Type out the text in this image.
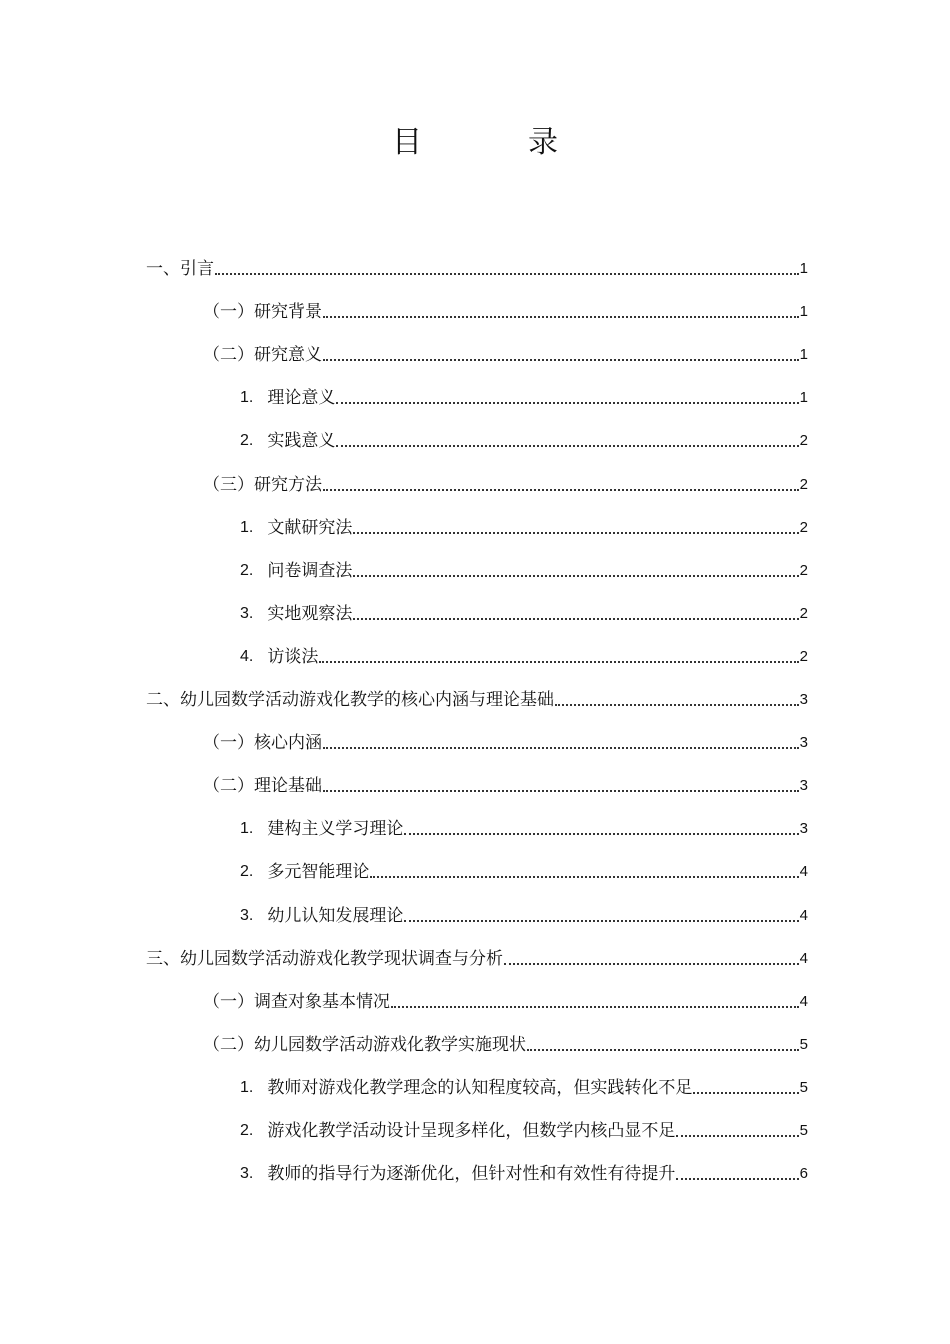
目　录
一、引言	1
（一）研究背景	1
（二）研究意义	1
1. 理论意义	1
2. 实践意义	2
（三）研究方法	2
1. 文献研究法	2
2. 问卷调查法	2
3. 实地观察法	2
4. 访谈法	2
二、幼儿园数学活动游戏化教学的核心内涵与理论基础	3
（一）核心内涵	3
（二）理论基础	3
1. 建构主义学习理论	3
2. 多元智能理论	4
3. 幼儿认知发展理论	4
三、幼儿园数学活动游戏化教学现状调查与分析	4
（一）调查对象基本情况	4
（二）幼儿园数学活动游戏化教学实施现状	5
1. 教师对游戏化教学理念的认知程度较高，但实践转化不足	5
2. 游戏化教学活动设计呈现多样化，但数学内核凸显不足	5
3. 教师的指导行为逐渐优化，但针对性和有效性有待提升	6
